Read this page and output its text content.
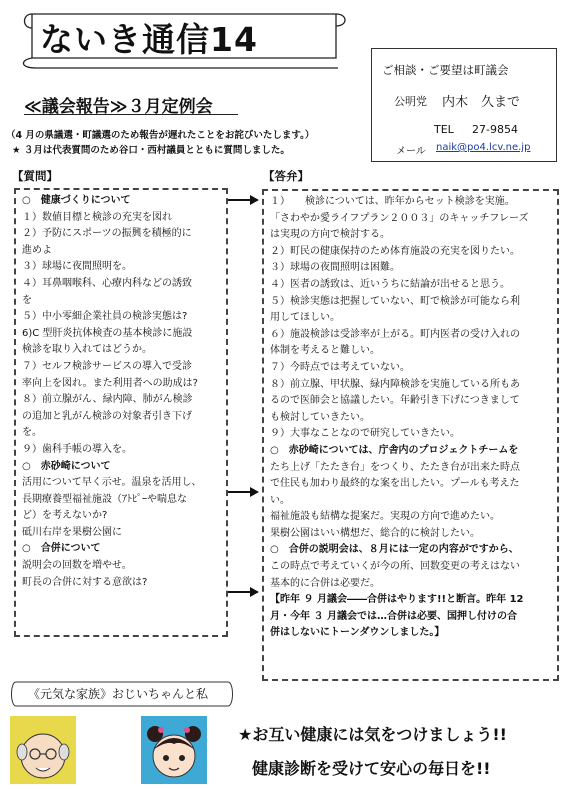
ないき通信14
ご相談・ご要望は町議会
公明党 内木　久まで
TEL 27-9854
メール naik@po4.lcv.ne.jp
≪議会報告≫３月定例会
（4 月の県議選・町議選のため報告が遅れたことをお詫びいたします。）
★ ３月は代表質問のため谷口・西村議員とともに質問しました。
【質問】	【答弁】
○　健康づくりについて
１）数値目標と検診の充実を図れ
２）予防にスポーツの振興を積極的に
進めよ
３）球場に夜間照明を。
４）耳鼻咽喉科、心療内科などの誘致
を
５）中小零細企業社員の検診実態は?
6)C 型肝炎抗体検査の基本検診に施設
検診を取り入れてはどうか。
７）セルフ検診サービスの導入で受診
率向上を図れ。また利用者への助成は?
８）前立腺がん、緑内障、肺がん検診
の追加と乳がん検診の対象者引き下げ
を。
９）歯科手帳の導入を。
○　赤砂崎について
活用について早く示せ。温泉を活用し、
長期療養型福祉施設（ｱﾄﾋﾟｰや喘息な
ど）を考えないか?
砥川右岸を果樹公園に
○　合併について
説明会の回数を増やせ。
町長の合併に対する意欲は?
１）　　検診については、昨年からセット検診を実施。
「さわやか愛ライフプラン２００３」のキャッチフレーズ
は実現の方向で検討する。
２）町民の健康保持のため体育施設の充実を図りたい。
３）球場の夜間照明は困難。
４）医者の誘致は、近いうちに結論が出せると思う。
５）検診実態は把握していない、町で検診が可能なら利
用してほしい。
６）施設検診は受診率が上がる。町内医者の受け入れの
体制を考えると難しい。
７）今時点では考えていない。
８）前立腺、甲状腺、緑内障検診を実施している所もあ
るので医師会と協議したい。年齢引き下げにつきまして
も検討していきたい。
９）大事なことなので研究していきたい。
○　赤砂崎については、庁舎内のプロジェクトチームを
たち上げ「たたき台」をつくり、たたき台が出来た時点
で住民も加わり最終的な案を出したい。プールも考えた
い。
福祉施設も結構な提案だ。実現の方向で進めたい。
果樹公園はいい構想だ、総合的に検討したい。
○　合併の説明会は、８月には一定の内容がですから、
この時点で考えていくが今の所、回数変更の考えはない
基本的に合併は必要だ。
【昨年 ９ 月議会――合併はやります!!と断言。昨年 12
月・今年 ３ 月議会では…合併は必要、国押し付けの合
併はしないにトーンダウンしました。】
《元気な家族》おじいちゃんと私
★お互い健康には気をつけましょう!!
健康診断を受けて安心の毎日を!!
